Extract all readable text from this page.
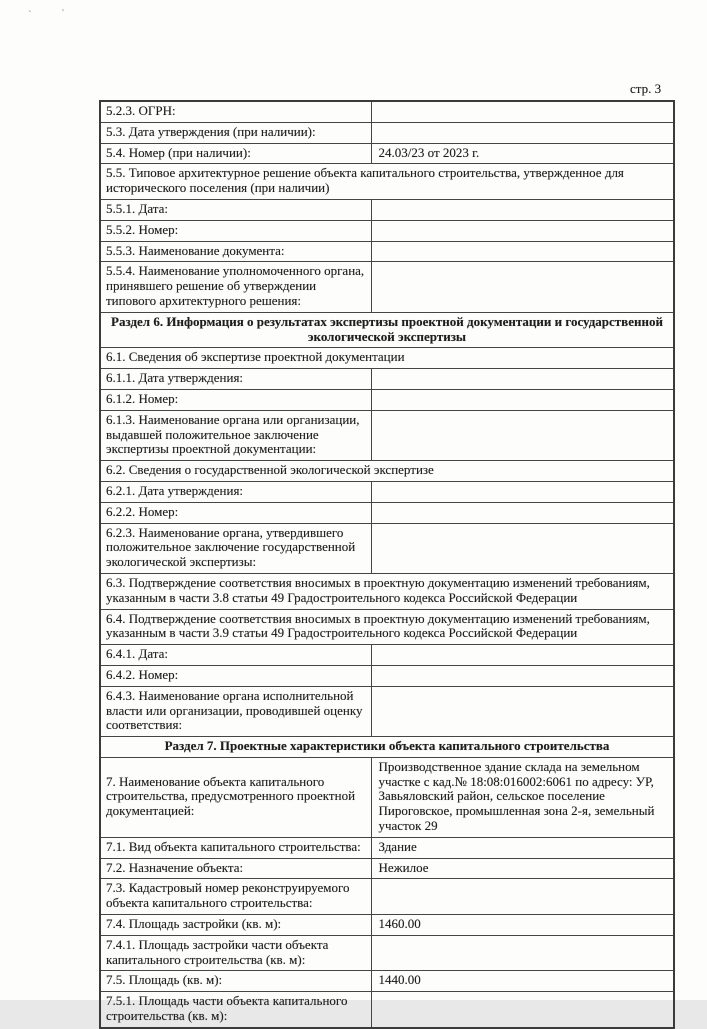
`	'
стр. 3
5.2.3. ОГРН:	
5.3. Дата утверждения (при наличии):	
5.4. Номер (при наличии):	24.03/23 от 2023 г.
5.5. Типовое архитектурное решение объекта капитального строительства, утвержденное для исторического поселения (при наличии)	
5.5.1. Дата:	
5.5.2. Номер:	
5.5.3. Наименование документа:	
5.5.4. Наименование уполномоченного органа, принявшего решение об утверждении типового архитектурного решения:	
Раздел 6. Информация о результатах экспертизы проектной документации и государственной экологической экспертизы	
6.1. Сведения об экспертизе проектной документации	
6.1.1. Дата утверждения:	
6.1.2. Номер:	
6.1.3. Наименование органа или организации, выдавшей положительное заключение экспертизы проектной документации:	
6.2. Сведения о государственной экологической экспертизе	
6.2.1. Дата утверждения:	
6.2.2. Номер:	
6.2.3. Наименование органа, утвердившего положительное заключение государственной экологической экспертизы:	
6.3. Подтверждение соответствия вносимых в проектную документацию изменений требованиям, указанным в части 3.8 статьи 49 Градостроительного кодекса Российской Федерации	
6.4. Подтверждение соответствия вносимых в проектную документацию изменений требованиям, указанным в части 3.9 статьи 49 Градостроительного кодекса Российской Федерации	
6.4.1. Дата:	
6.4.2. Номер:	
6.4.3. Наименование органа исполнительной власти или организации, проводившей оценку соответствия:	
Раздел 7. Проектные характеристики объекта капитального строительства	
7. Наименование объекта капитального строительства, предусмотренного проектной документацией:	Производственное здание склада на земельном участке с кад.№ 18:08:016002:6061 по адресу: УР, Завьяловский район, сельское поселение Пироговское, промышленная зона 2-я, земельный участок 29
7.1. Вид объекта капитального строительства:	Здание
7.2. Назначение объекта:	Нежилое
7.3. Кадастровый номер реконструируемого объекта капитального строительства:	
7.4. Площадь застройки (кв. м):	1460.00
7.4.1. Площадь застройки части объекта капитального строительства (кв. м):	
7.5. Площадь (кв. м):	1440.00
7.5.1. Площадь части объекта капитального строительства (кв. м):	
